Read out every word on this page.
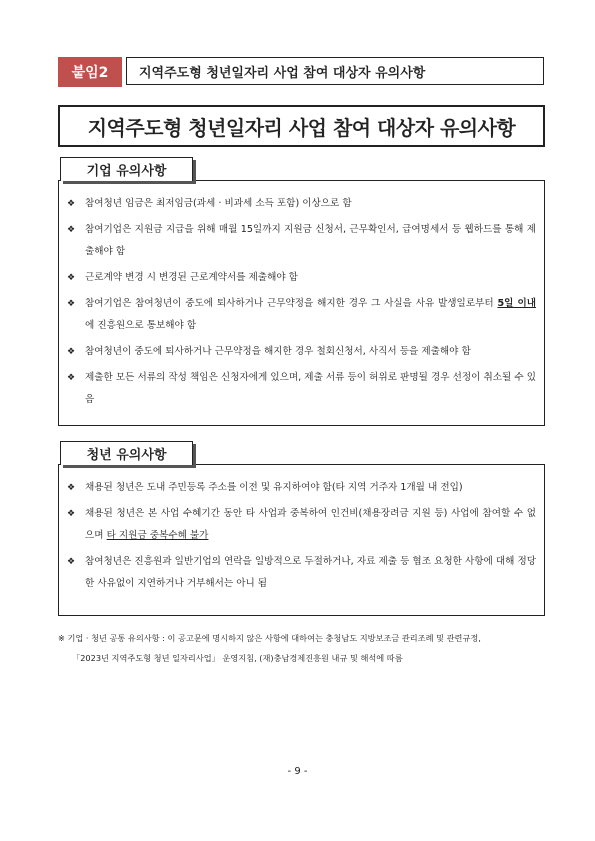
붙임2	지역주도형 청년일자리 사업 참여 대상자 유의사항
지역주도형 청년일자리 사업 참여 대상자 유의사항
기업 유의사항
❖	참여청년 임금은 최저임금(과세 · 비과세 소득 포함) 이상으로 함
❖	참여기업은 지원금 지급을 위해 매월 15일까지 지원금 신청서, 근무확인서, 급여명세서 등 웹하드를 통해 제출해야 함
❖	근로계약 변경 시 변경된 근로계약서를 제출해야 함
❖	참여기업은 참여청년이 중도에 퇴사하거나 근무약정을 해지한 경우 그 사실을 사유 발생일로부터 5일 이내에 진흥원으로 통보해야 함
❖	참여청년이 중도에 퇴사하거나 근무약정을 해지한 경우 철회신청서, 사직서 등을 제출해야 함
❖	제출한 모든 서류의 작성 책임은 신청자에게 있으며, 제출 서류 등이 허위로 판명될 경우 선정이 취소될 수 있음
청년 유의사항
❖	채용된 청년은 도내 주민등록 주소를 이전 및 유지하여야 함(타 지역 거주자 1개월 내 전입)
❖	채용된 청년은 본 사업 수혜기간 동안 타 사업과 중복하여 인건비(채용장려금 지원 등) 사업에 참여할 수 없으며 타 지원금 중복수혜 불가
❖	참여청년은 진흥원과 일반기업의 연락을 일방적으로 두절하거나, 자료 제출 등 협조 요청한 사항에 대해 정당한 사유없이 지연하거나 거부해서는 아니 됨
※ 기업 · 청년 공통 유의사항 : 이 공고문에 명시하지 않은 사항에 대하여는 충청남도 지방보조금 관리조례 및 관련규정,
「2023년 지역주도형 청년 일자리사업」 운영지침, (재)충남경제진흥원 내규 및 해석에 따름
- 9 -
